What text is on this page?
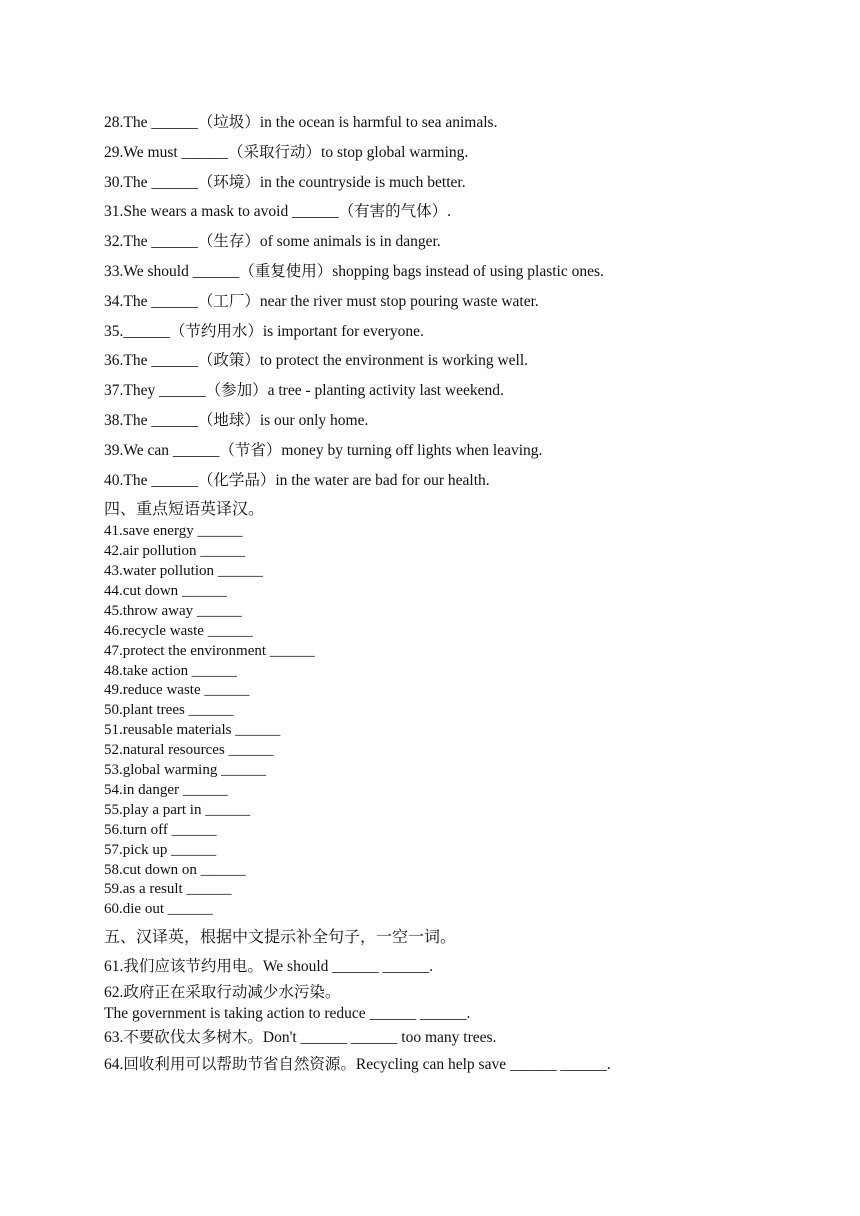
28.The ______（垃圾）in the ocean is harmful to sea animals.
29.We must ______（采取行动）to stop global warming.
30.The ______（环境）in the countryside is much better.
31.She wears a mask to avoid ______（有害的气体）.
32.The ______（生存）of some animals is in danger.
33.We should ______（重复使用）shopping bags instead of using plastic ones.
34.The ______（工厂）near the river must stop pouring waste water.
35.______（节约用水）is important for everyone.
36.The ______（政策）to protect the environment is working well.
37.They ______（参加）a tree - planting activity last weekend.
38.The ______（地球）is our only home.
39.We can ______（节省）money by turning off lights when leaving.
40.The ______（化学品）in the water are bad for our health.
四、重点短语英译汉。
41.save energy ______
42.air pollution ______
43.water pollution ______
44.cut down ______
45.throw away ______
46.recycle waste ______
47.protect the environment ______
48.take action ______
49.reduce waste ______
50.plant trees ______
51.reusable materials ______
52.natural resources ______
53.global warming ______
54.in danger ______
55.play a part in ______
56.turn off ______
57.pick up ______
58.cut down on ______
59.as a result ______
60.die out ______
五、汉译英，根据中文提示补全句子，一空一词。
61.我们应该节约用电。We should ______ ______.
62.政府正在采取行动减少水污染。
The government is taking action to reduce ______ ______.
63.不要砍伐太多树木。Don't ______ ______ too many trees.
64.回收利用可以帮助节省自然资源。Recycling can help save ______ ______.
